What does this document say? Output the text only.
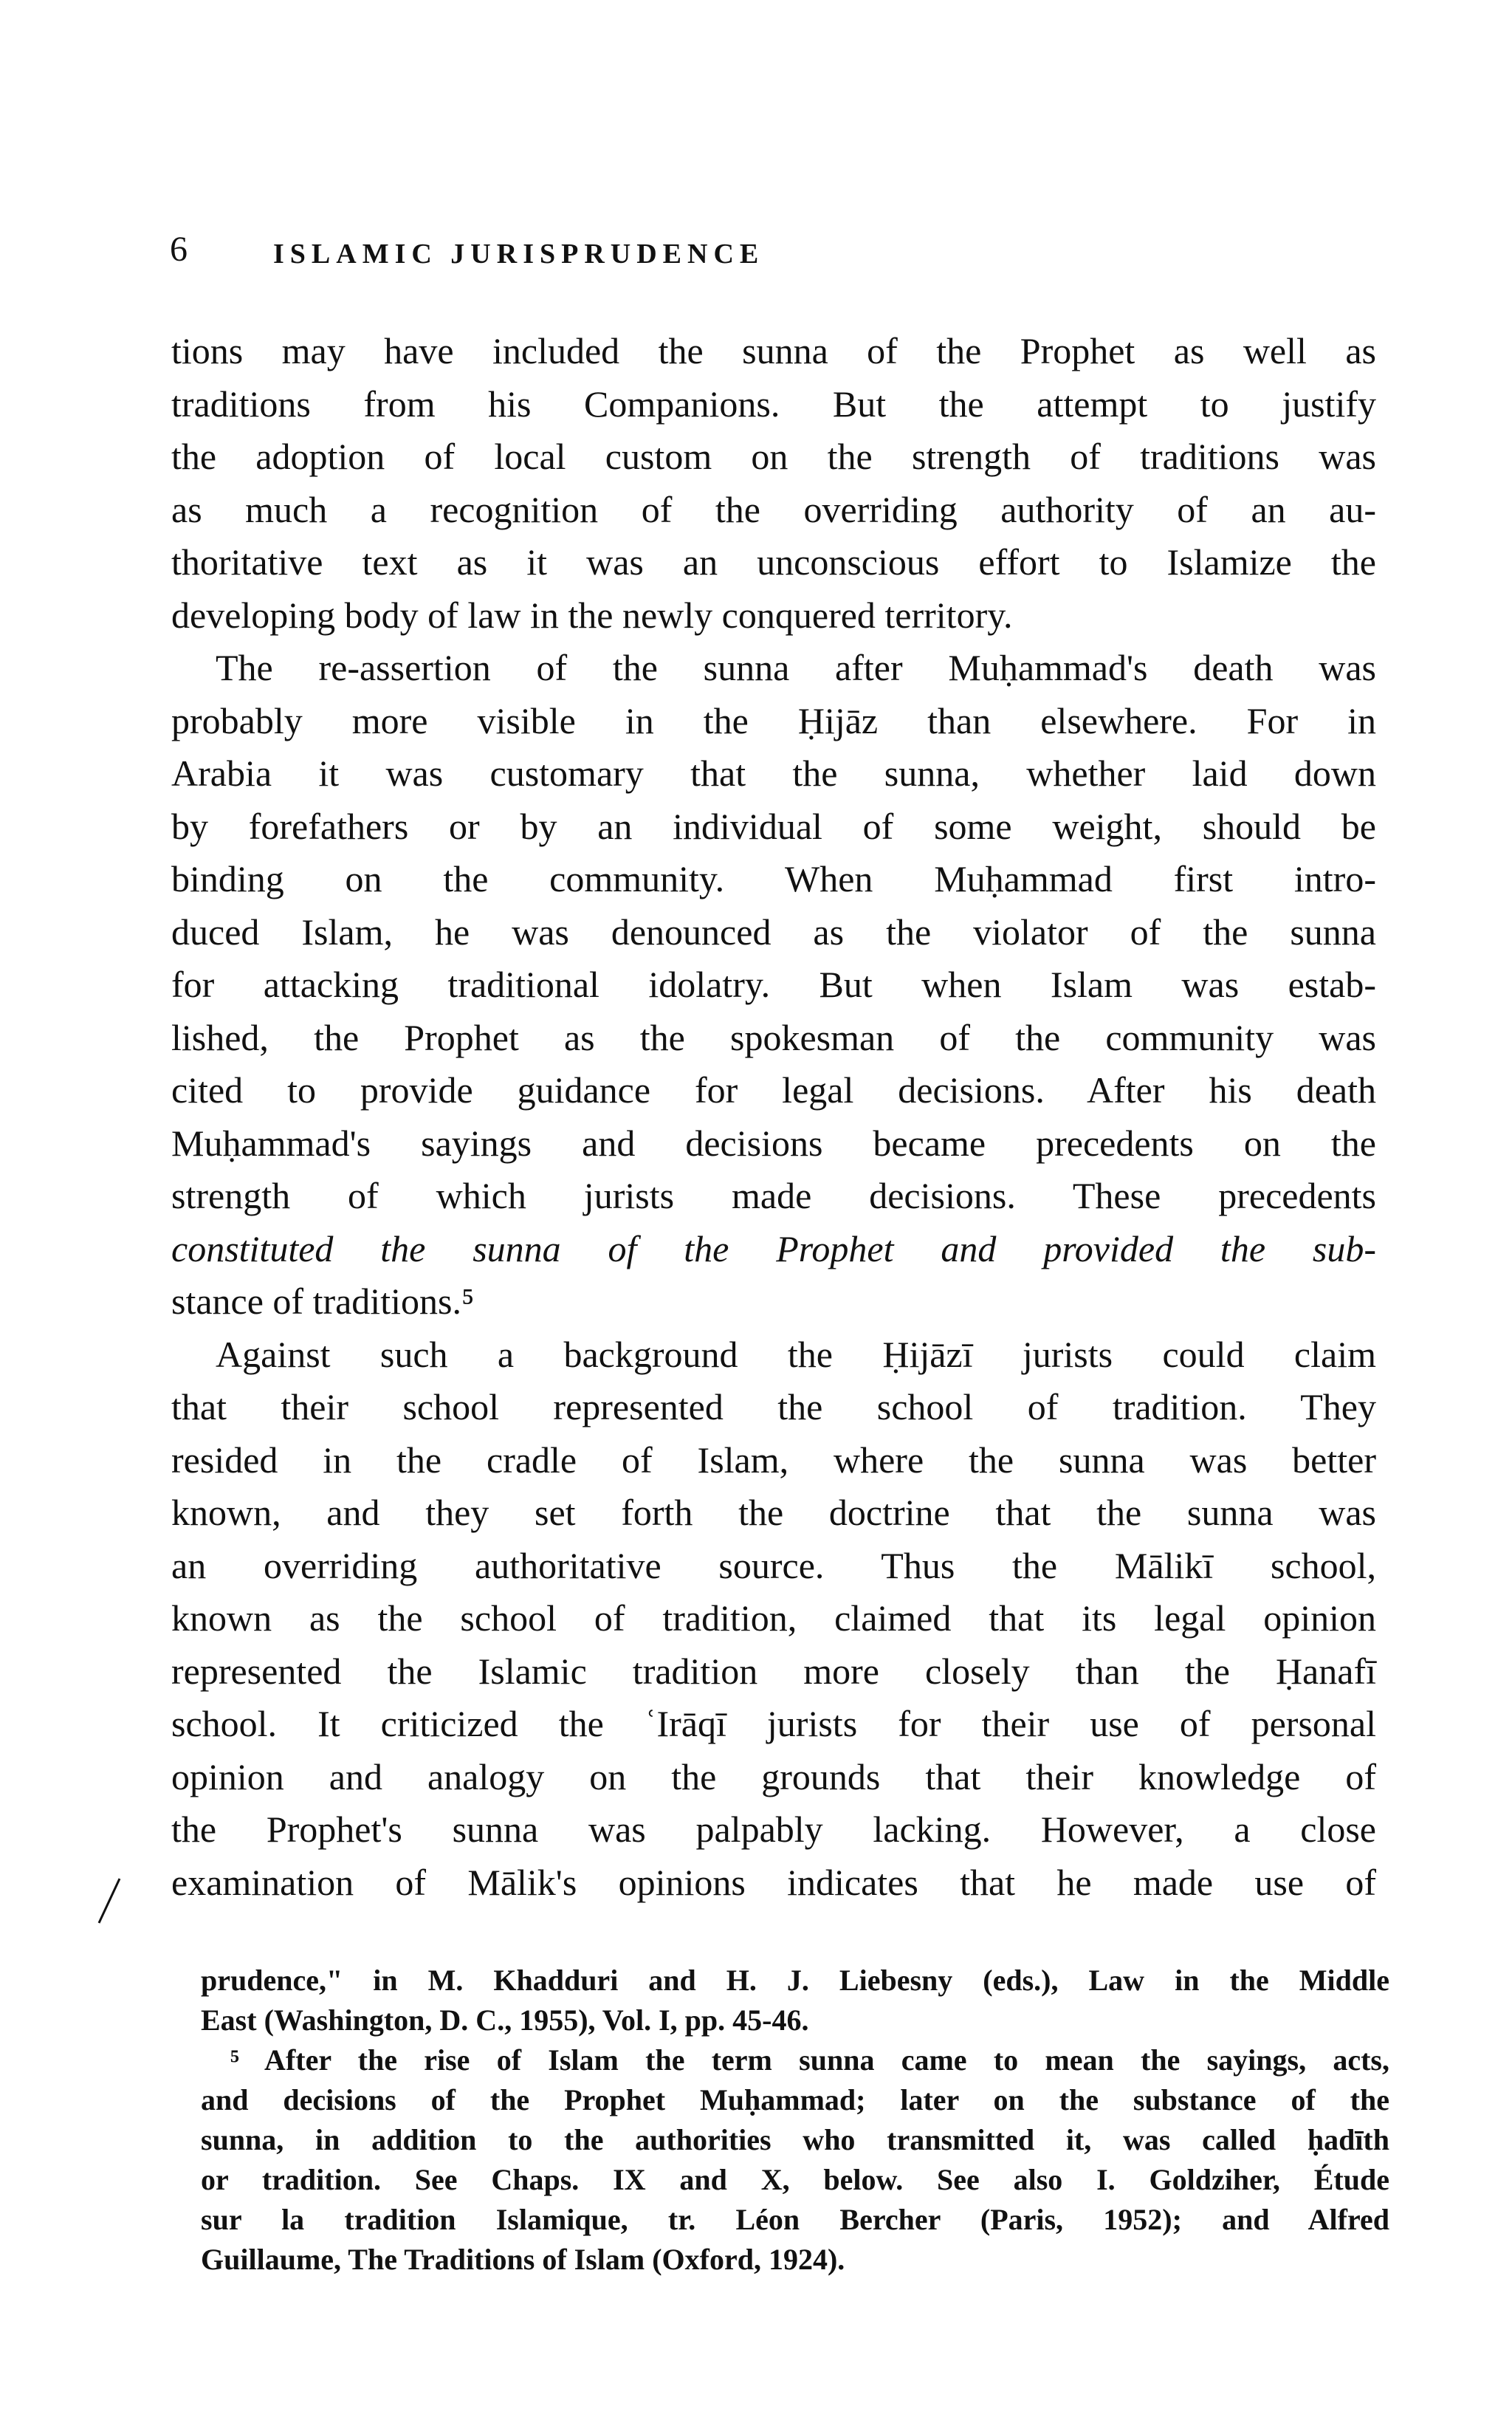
6	ISLAMIC JURISPRUDENCE
tions may have included the sunna of the Prophet as well as
traditions from his Companions. But the attempt to justify
the adoption of local custom on the strength of traditions was
as much a recognition of the overriding authority of an au-
thoritative text as it was an unconscious effort to Islamize the
developing body of law in the newly conquered territory.
The re-assertion of the sunna after Muḥammad's death was
probably more visible in the Ḥijāz than elsewhere. For in
Arabia it was customary that the sunna, whether laid down
by forefathers or by an individual of some weight, should be
binding on the community. When Muḥammad first intro-
duced Islam, he was denounced as the violator of the sunna
for attacking traditional idolatry. But when Islam was estab-
lished, the Prophet as the spokesman of the community was
cited to provide guidance for legal decisions. After his death
Muḥammad's sayings and decisions became precedents on the
strength of which jurists made decisions. These precedents
constituted the sunna of the Prophet and provided the sub-
stance of traditions.⁵
Against such a background the Ḥijāzī jurists could claim
that their school represented the school of tradition. They
resided in the cradle of Islam, where the sunna was better
known, and they set forth the doctrine that the sunna was
an overriding authoritative source. Thus the Mālikī school,
known as the school of tradition, claimed that its legal opinion
represented the Islamic tradition more closely than the Ḥanafī
school. It criticized the ʿIrāqī jurists for their use of personal
opinion and analogy on the grounds that their knowledge of
the Prophet's sunna was palpably lacking. However, a close
examination of Mālik's opinions indicates that he made use of
prudence," in M. Khadduri and H. J. Liebesny (eds.), Law in the Middle
East (Washington, D. C., 1955), Vol. I, pp. 45-46.
⁵ After the rise of Islam the term sunna came to mean the sayings, acts,
and decisions of the Prophet Muḥammad; later on the substance of the
sunna, in addition to the authorities who transmitted it, was called ḥadīth
or tradition. See Chaps. IX and X, below. See also I. Goldziher, Étude
sur la tradition Islamique, tr. Léon Bercher (Paris, 1952); and Alfred
Guillaume, The Traditions of Islam (Oxford, 1924).
